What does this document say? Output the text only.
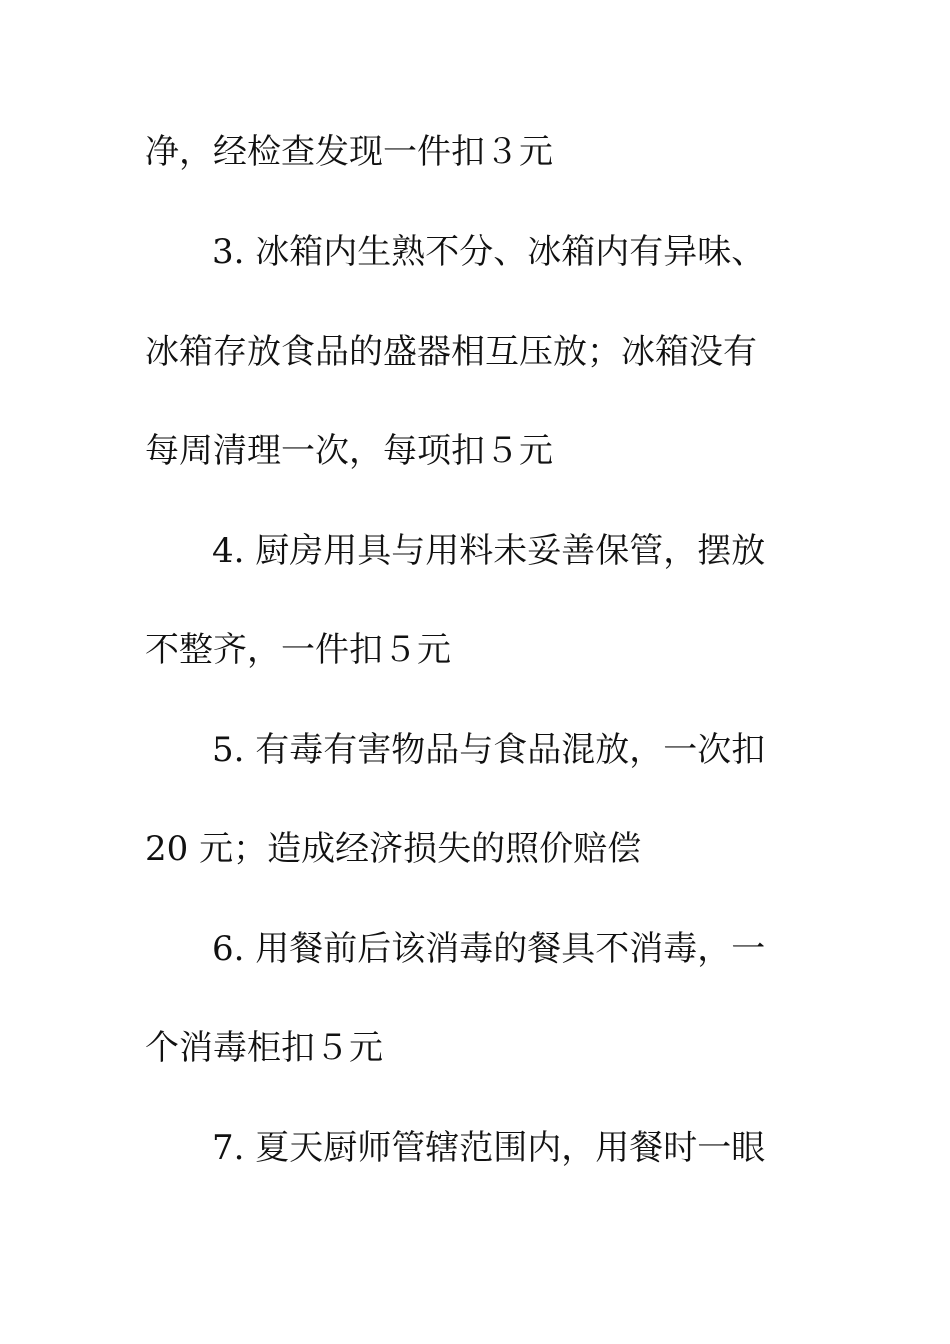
净，经检查发现一件扣３元
3. 冰箱内生熟不分、冰箱内有异味、
冰箱存放食品的盛器相互压放；冰箱没有
每周清理一次，每项扣５元
4. 厨房用具与用料未妥善保管，摆放
不整齐，一件扣５元
5. 有毒有害物品与食品混放，一次扣
20 元；造成经济损失的照价赔偿
6. 用餐前后该消毒的餐具不消毒，一
个消毒柜扣５元
7. 夏天厨师管辖范围内，用餐时一眼
